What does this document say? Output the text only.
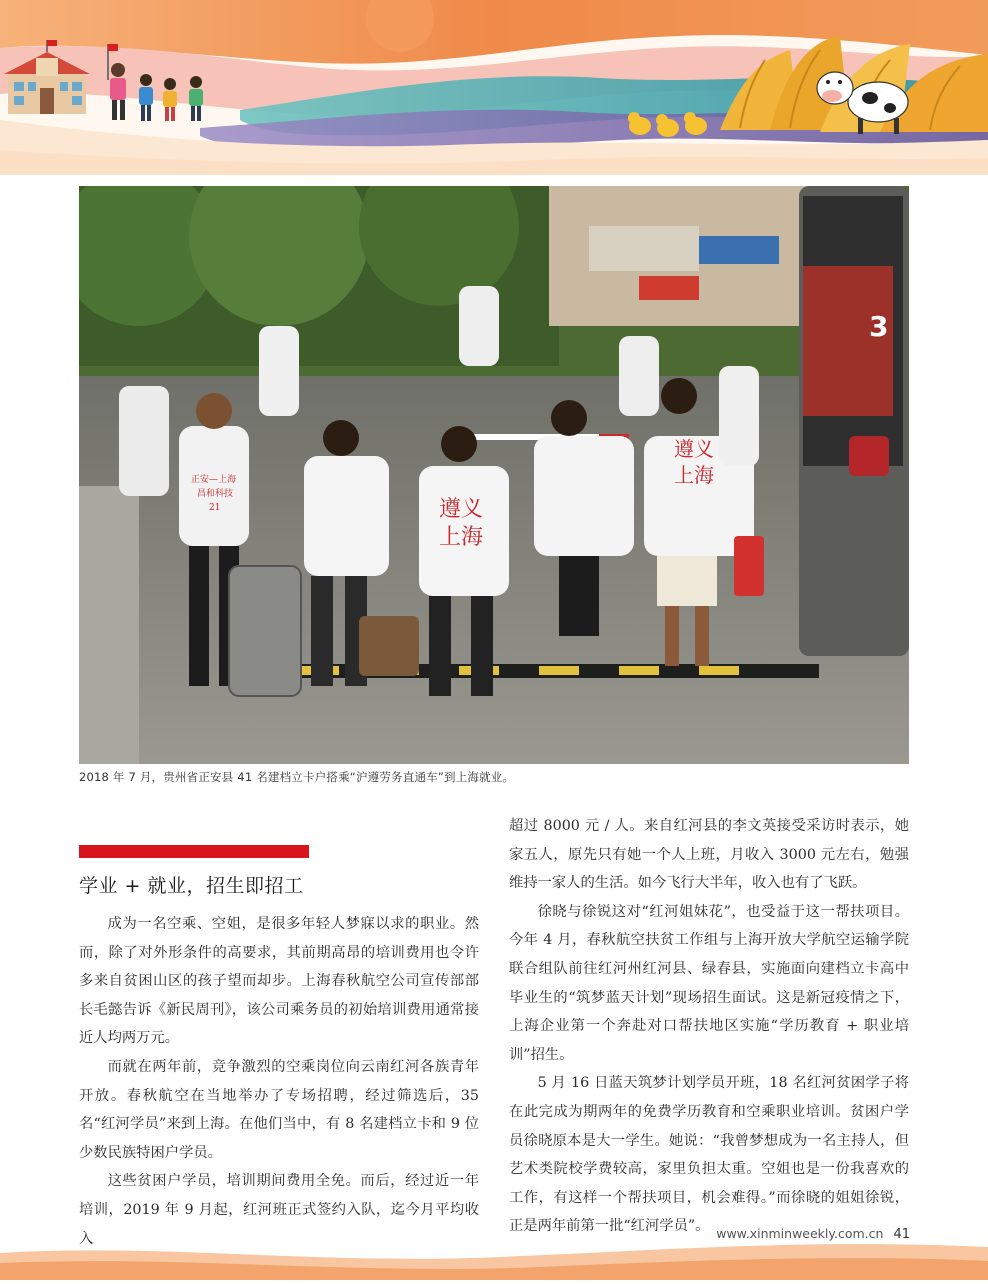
3
遵义
上海
遵义
上海
正安—上海
昌和科技
21
2018 年 7 月，贵州省正安县 41 名建档立卡户搭乘“沪遵劳务直通车”到上海就业。
学业 + 就业，招生即招工

成为一名空乘、空姐，是很多年轻人梦寐以求的职业。然而，除了对外形条件的高要求，其前期高昂的培训费用也令许多来自贫困山区的孩子望而却步。上海春秋航空公司宣传部部长毛懿告诉《新民周刊》，该公司乘务员的初始培训费用通常接近人均两万元。

而就在两年前，竞争激烈的空乘岗位向云南红河各族青年开放。春秋航空在当地举办了专场招聘，经过筛选后，35 名“红河学员”来到上海。在他们当中，有 8 名建档立卡和 9 位少数民族特困户学员。

这些贫困户学员，培训期间费用全免。而后，经过近一年培训，2019 年 9 月起，红河班正式签约入队，迄今月平均收入

超过 8000 元 / 人。来自红河县的李文英接受采访时表示，她家五人，原先只有她一个人上班，月收入 3000 元左右，勉强维持一家人的生活。如今飞行大半年，收入也有了飞跃。

徐晓与徐锐这对“红河姐妹花”，也受益于这一帮扶项目。今年 4 月，春秋航空扶贫工作组与上海开放大学航空运输学院联合组队前往红河州红河县、绿春县，实施面向建档立卡高中毕业生的“筑梦蓝天计划”现场招生面试。这是新冠疫情之下，上海企业第一个奔赴对口帮扶地区实施“学历教育 + 职业培训”招生。

5 月 16 日蓝天筑梦计划学员开班，18 名红河贫困学子将在此完成为期两年的免费学历教育和空乘职业培训。贫困户学员徐晓原本是大一学生。她说：“我曾梦想成为一名主持人，但艺术类院校学费较高，家里负担太重。空姐也是一份我喜欢的工作，有这样一个帮扶项目，机会难得。”而徐晓的姐姐徐锐，正是两年前第一批“红河学员”。 www.xinminweekly.com.cn 41
